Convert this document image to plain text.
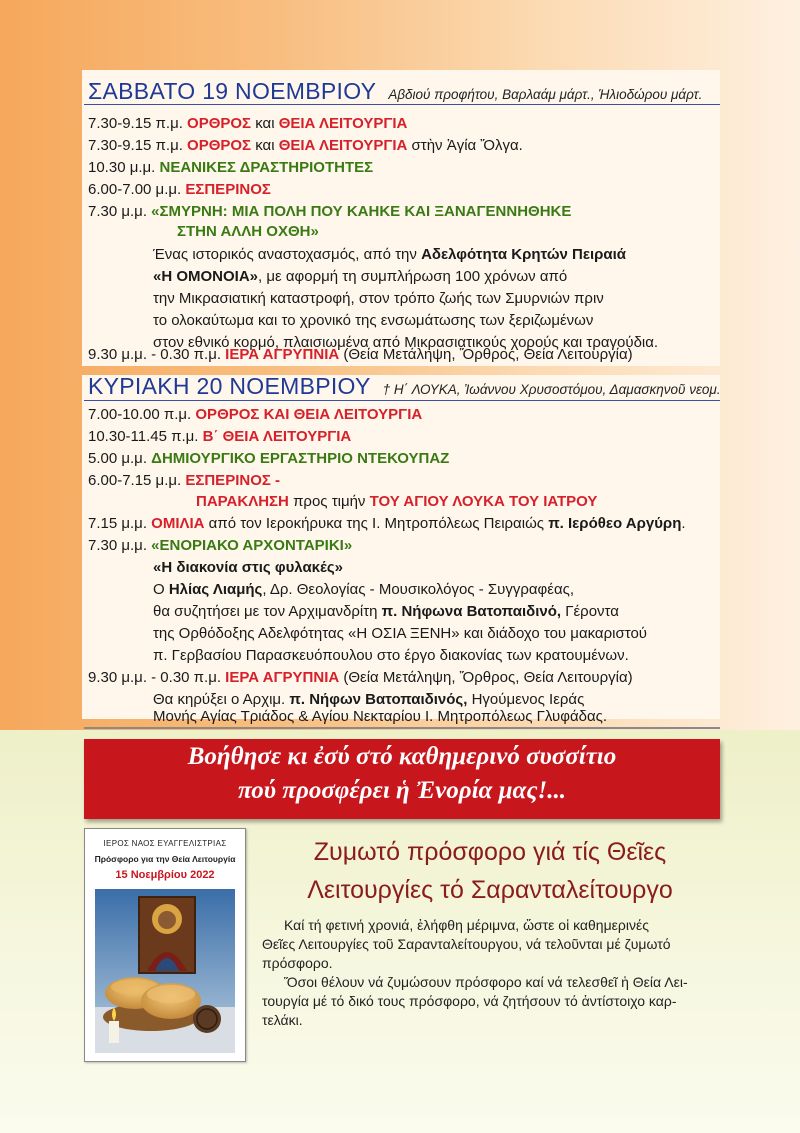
ΣΑΒΒΑΤΟ 19 ΝΟΕΜΒΡΙΟΥ Αβδιού προφήτου, Βαρλαάμ μάρτ., Ἡλιοδώρου μάρτ.
7.30-9.15 π.μ. ΟΡΘΡΟΣ και ΘΕΙΑ ΛΕΙΤΟΥΡΓΙΑ
7.30-9.15 π.μ. ΟΡΘΡΟΣ και ΘΕΙΑ ΛΕΙΤΟΥΡΓΙΑ στὴν Ἁγία Ὄλγα.
10.30 μ.μ. ΝΕΑΝΙΚΕΣ ΔΡΑΣΤΗΡΙΟΤΗΤΕΣ
6.00-7.00 μ.μ. ΕΣΠΕΡΙΝΟΣ
7.30 μ.μ. «ΣΜΥΡΝΗ: ΜΙΑ ΠΟΛΗ ΠΟΥ ΚΑΗΚΕ ΚΑΙ ΞΑΝΑΓΕΝΝΗΘΗΚΕ
ΣΤΗΝ ΑΛΛΗ ΟΧΘΗ»
Ένας ιστορικός αναστοχασμός, από την Αδελφότητα Κρητών Πειραιά
«Η ΟΜΟΝΟΙΑ», με αφορμή τη συμπλήρωση 100 χρόνων από
την Μικρασιατική καταστροφή, στον τρόπο ζωής των Σμυρνιών πριν
το ολοκαύτωμα και το χρονικό της ενσωμάτωσης των ξεριζωμένων
στον εθνικό κορμό, πλαισιωμένα από Μικρασιατικούς χορούς και τραγούδια.
9.30 μ.μ. - 0.30 π.μ. ΙΕΡΑ ΑΓΡΥΠΝΙΑ (Θεία Μετάληψη, Ὄρθρος, Θεία Λειτουργία)
ΚΥΡΙΑΚΗ 20 ΝΟΕΜΒΡΙΟΥ † Η΄ ΛΟΥΚΑ, Ἰωάννου Χρυσοστόμου, Δαμασκηνοῦ νεομ.
7.00-10.00 π.μ. ΟΡΘΡΟΣ ΚΑΙ ΘΕΙΑ ΛΕΙΤΟΥΡΓΙΑ
10.30-11.45 π.μ. Β΄ ΘΕΙΑ ΛΕΙΤΟΥΡΓΙΑ
5.00 μ.μ. ΔΗΜΙΟΥΡΓΙΚΟ ΕΡΓΑΣΤΗΡΙΟ ΝΤΕΚΟΥΠΑΖ
6.00-7.15 μ.μ. ΕΣΠΕΡΙΝΟΣ -
ΠΑΡΑΚΛΗΣΗ προς τιμήν ΤΟΥ ΑΓΙΟΥ ΛΟΥΚΑ ΤΟΥ ΙΑΤΡΟΥ
7.15 μ.μ. ΟΜΙΛΙΑ από τον Ιεροκήρυκα της Ι. Μητροπόλεως Πειραιώς π. Ιερόθεο Αργύρη.
7.30 μ.μ. «ΕΝΟΡΙΑΚΟ ΑΡΧΟΝΤΑΡΙΚΙ»
«Η διακονία στις φυλακές»
Ο Ηλίας Λιαμής, Δρ. Θεολογίας - Μουσικολόγος - Συγγραφέας,
θα συζητήσει με τον Αρχιμανδρίτη π. Νήφωνα Βατοπαιδινό, Γέροντα
της Ορθόδοξης Αδελφότητας «Η ΟΣΙΑ ΞΕΝΗ» και διάδοχο του μακαριστού
π. Γερβασίου Παρασκευόπουλου στο έργο διακονίας των κρατουμένων.
9.30 μ.μ. - 0.30 π.μ. ΙΕΡΑ ΑΓΡΥΠΝΙΑ (Θεία Μετάληψη, Ὄρθρος, Θεία Λειτουργία)
Θα κηρύξει ο Αρχιμ. π. Νήφων Βατοπαιδινός, Ηγούμενος Ιεράς
Μονής Αγίας Τριάδος & Αγίου Νεκταρίου Ι. Μητροπόλεως Γλυφάδας.
Βοήθησε κι ἐσύ στό καθημερινό συσσίτιο
πού προσφέρει ἡ Ἐνορία μας!...
ΙΕΡΟΣ ΝΑΟΣ ΕΥΑΓΓΕΛΙΣΤΡΙΑΣ
Πρόσφορο για την Θεία Λειτουργία
15 Νοεμβρίου 2022
Ζυμωτό πρόσφορο γιά τίς Θεῖες
Λειτουργίες τό Σαρανταλείτουργο
Καί τή φετινή χρονιά, ἐλήφθη μέριμνα, ὥστε οἱ καθημερινές
Θεῖες Λειτουργίες τοῦ Σαρανταλείτουργου, νά τελοῦνται μέ ζυμωτό
πρόσφορο.
Ὅσοι θέλουν νά ζυμώσουν πρόσφορο καί νά τελεσθεῖ ἡ Θεία Λει-
τουργία μέ τό δικό τους πρόσφορο, νά ζητήσουν τό ἀντίστοιχο καρ-
τελάκι.
